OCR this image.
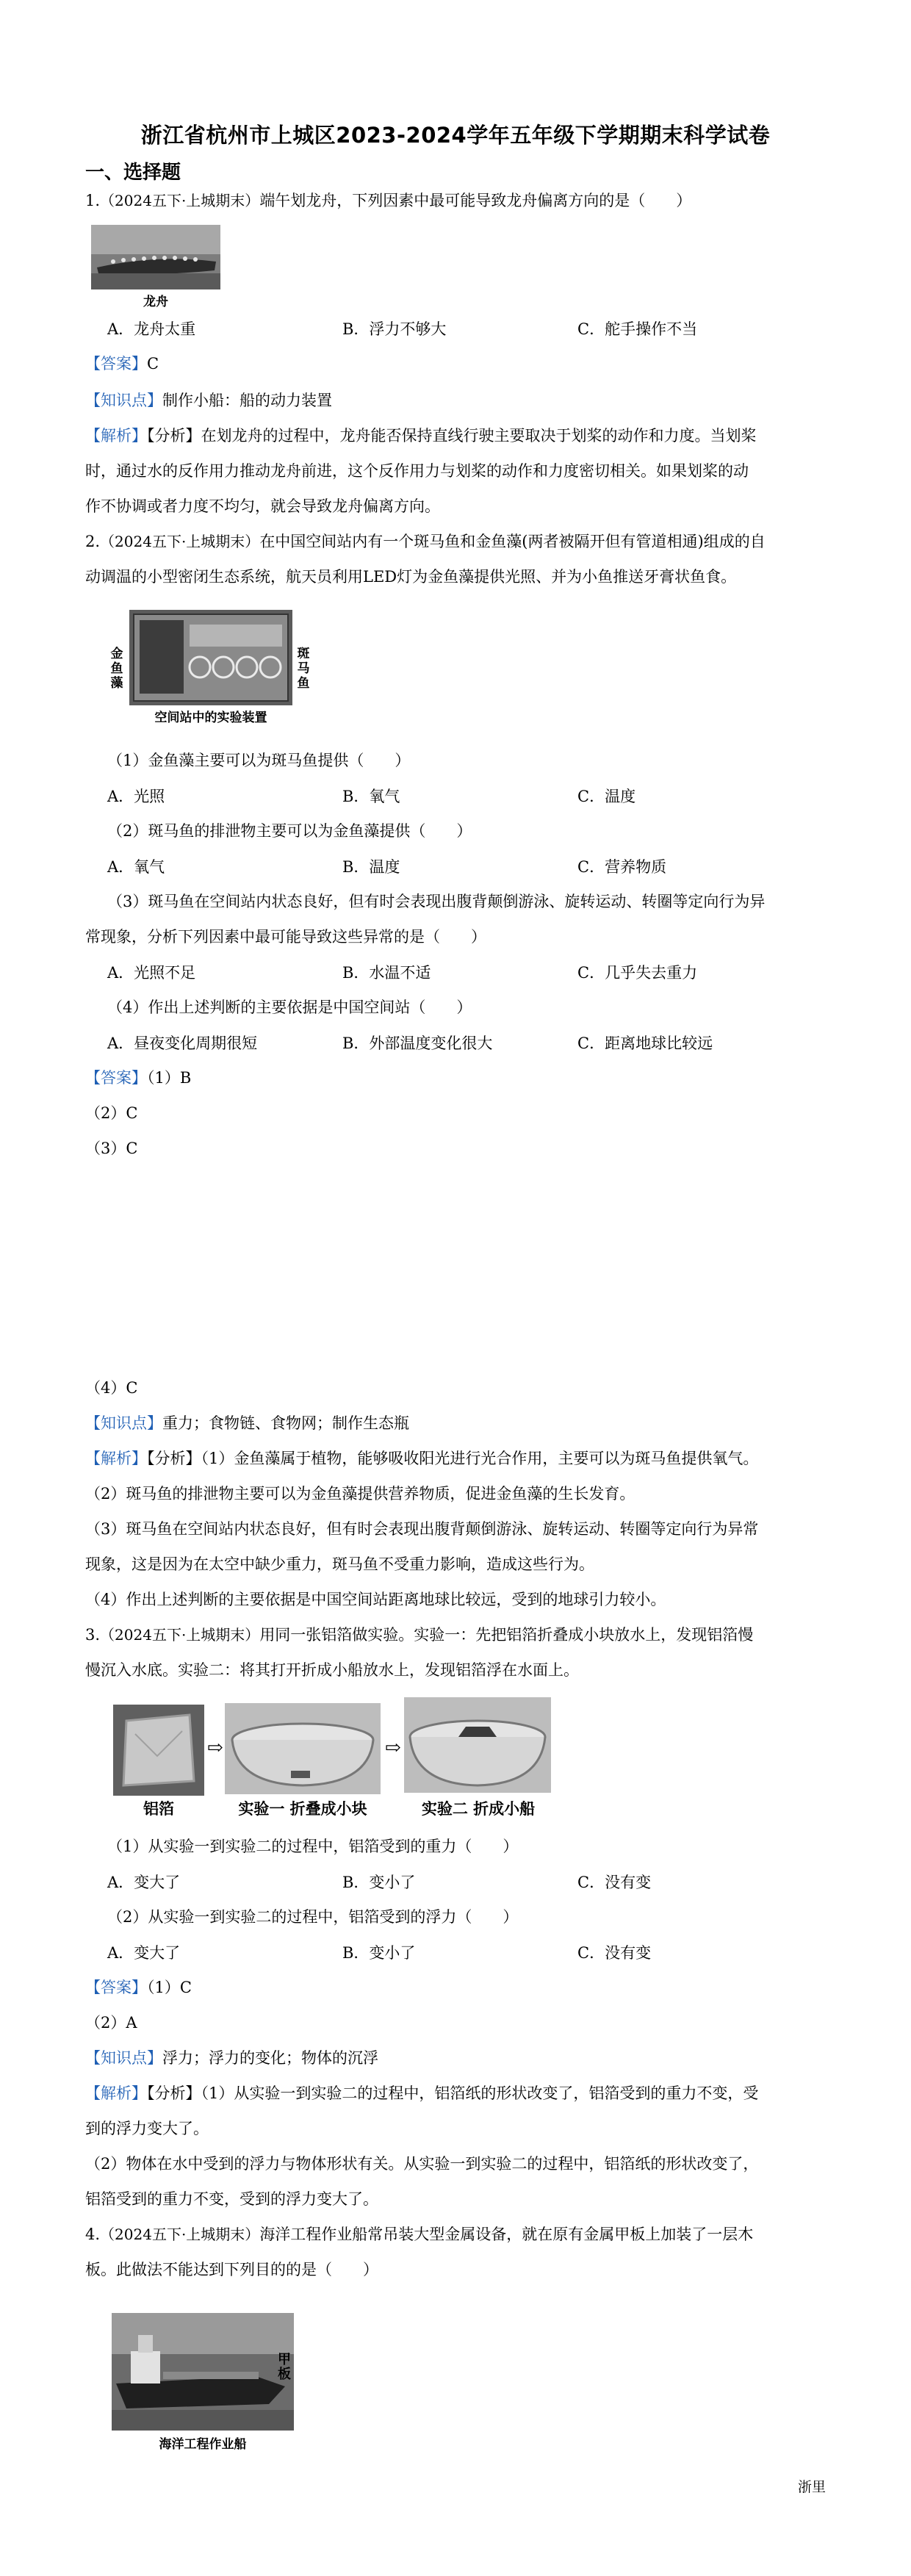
浙江省杭州市上城区2023-2024学年五年级下学期期末科学试卷
一、选择题
1.（2024五下·上城期末）端午划龙舟，下列因素中最可能导致龙舟偏离方向的是（　　）
龙舟
A．龙舟太重	B．浮力不够大	C．舵手操作不当
【答案】C
【知识点】制作小船：船的动力装置
【解析】【分析】在划龙舟的过程中，龙舟能否保持直线行驶主要取决于划桨的动作和力度。当划桨
时，通过水的反作用力推动龙舟前进，这个反作用力与划桨的动作和力度密切相关。如果划桨的动
作不协调或者力度不均匀，就会导致龙舟偏离方向。
2.（2024五下·上城期末）在中国空间站内有一个斑马鱼和金鱼藻(两者被隔开但有管道相通)组成的自
动调温的小型密闭生态系统，航天员利用LED灯为金鱼藻提供光照、并为小鱼推送牙膏状鱼食。
金鱼藻
斑马鱼
空间站中的实验装置
（1）金鱼藻主要可以为斑马鱼提供（　　）
A．光照	B．氧气	C．温度
（2）斑马鱼的排泄物主要可以为金鱼藻提供（　　）
A．氧气	B．温度	C．营养物质
（3）斑马鱼在空间站内状态良好，但有时会表现出腹背颠倒游泳、旋转运动、转圈等定向行为异
常现象，分析下列因素中最可能导致这些异常的是（　　）
A．光照不足	B．水温不适	C．几乎失去重力
（4）作出上述判断的主要依据是中国空间站（　　）
A．昼夜变化周期很短	B．外部温度变化很大	C．距离地球比较远
【答案】（1）B
（2）C
（3）C
（4）C
【知识点】重力；食物链、食物网；制作生态瓶
【解析】【分析】（1）金鱼藻属于植物，能够吸收阳光进行光合作用，主要可以为斑马鱼提供氧气。
（2）斑马鱼的排泄物主要可以为金鱼藻提供营养物质，促进金鱼藻的生长发育。
（3）斑马鱼在空间站内状态良好，但有时会表现出腹背颠倒游泳、旋转运动、转圈等定向行为异常
现象，这是因为在太空中缺少重力，斑马鱼不受重力影响，造成这些行为。
（4）作出上述判断的主要依据是中国空间站距离地球比较远，受到的地球引力较小。
3.（2024五下·上城期末）用同一张铝箔做实验。实验一：先把铝箔折叠成小块放水上，发现铝箔慢
慢沉入水底。实验二：将其打开折成小船放水上，发现铝箔浮在水面上。
⇨	⇨
铝箔	实验一 折叠成小块	实验二 折成小船
（1）从实验一到实验二的过程中，铝箔受到的重力（　　）
A．变大了	B．变小了	C．没有变
（2）从实验一到实验二的过程中，铝箔受到的浮力（　　）
A．变大了	B．变小了	C．没有变
【答案】（1）C
（2）A
【知识点】浮力；浮力的变化；物体的沉浮
【解析】【分析】（1）从实验一到实验二的过程中，铝箔纸的形状改变了，铝箔受到的重力不变，受
到的浮力变大了。
（2）物体在水中受到的浮力与物体形状有关。从实验一到实验二的过程中，铝箔纸的形状改变了，
铝箔受到的重力不变，受到的浮力变大了。
4.（2024五下·上城期末）海洋工程作业船常吊装大型金属设备，就在原有金属甲板上加装了一层木
板。此做法不能达到下列目的的是（　　）
甲板
海洋工程作业船
浙里
